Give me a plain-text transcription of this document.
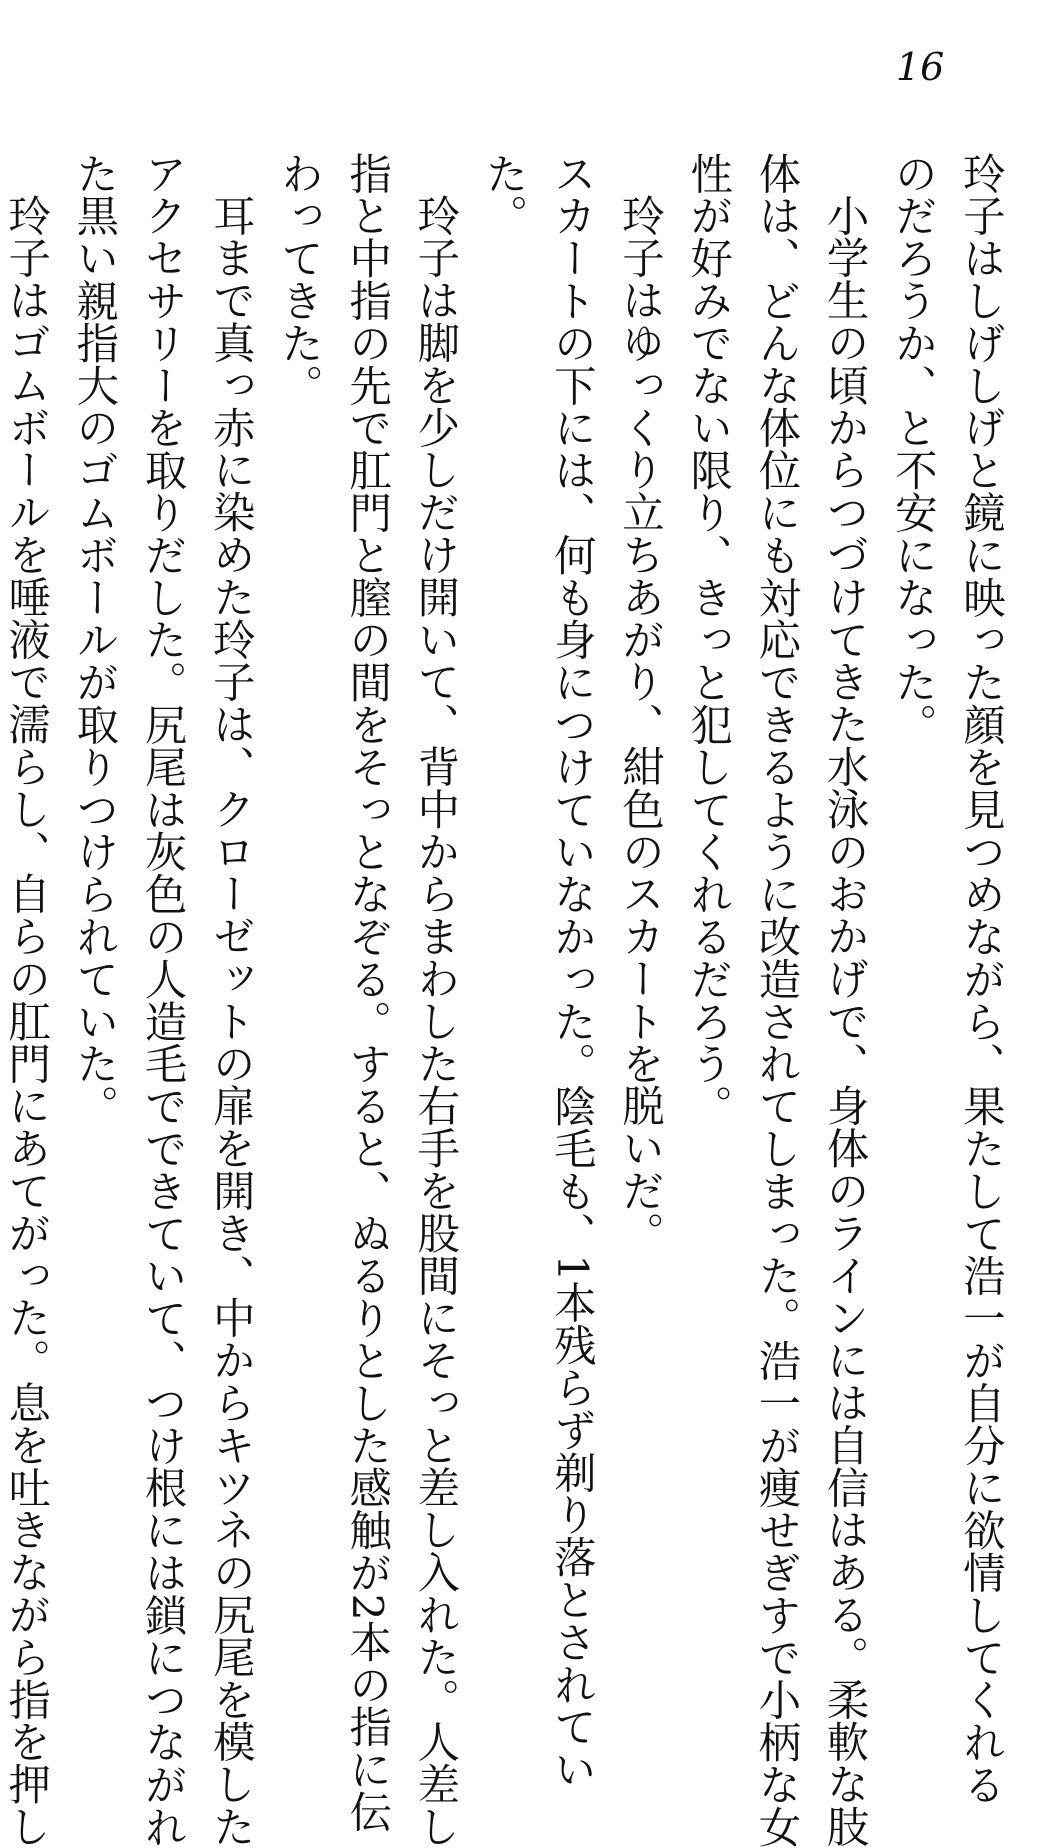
16
玲子はしげしげと鏡に映った顔を見つめながら、果たして浩一が自分に欲情してくれる
のだろうか、と不安になった。
小学生の頃からつづけてきた水泳のおかげで、身体のラインには自信はある。柔軟な肢
体は、どんな体位にも対応できるように改造されてしまった。浩一が痩せぎすで小柄な女
性が好みでない限り、きっと犯してくれるだろう。
玲子はゆっくり立ちあがり、紺色のスカートを脱いだ。
スカートの下には、何も身につけていなかった。陰毛も、1本残らず剃り落とされてい
た。
玲子は脚を少しだけ開いて、背中からまわした右手を股間にそっと差し入れた。人差し
指と中指の先で肛門と膣の間をそっとなぞる。すると、ぬるりとした感触が2本の指に伝
わってきた。
耳まで真っ赤に染めた玲子は、クローゼットの扉を開き、中からキツネの尻尾を模した
アクセサリーを取りだした。尻尾は灰色の人造毛でできていて、つけ根には鎖につながれ
た黒い親指大のゴムボールが取りつけられていた。
玲子はゴムボールを唾液で濡らし、自らの肛門にあてがった。息を吐きながら指を押し
